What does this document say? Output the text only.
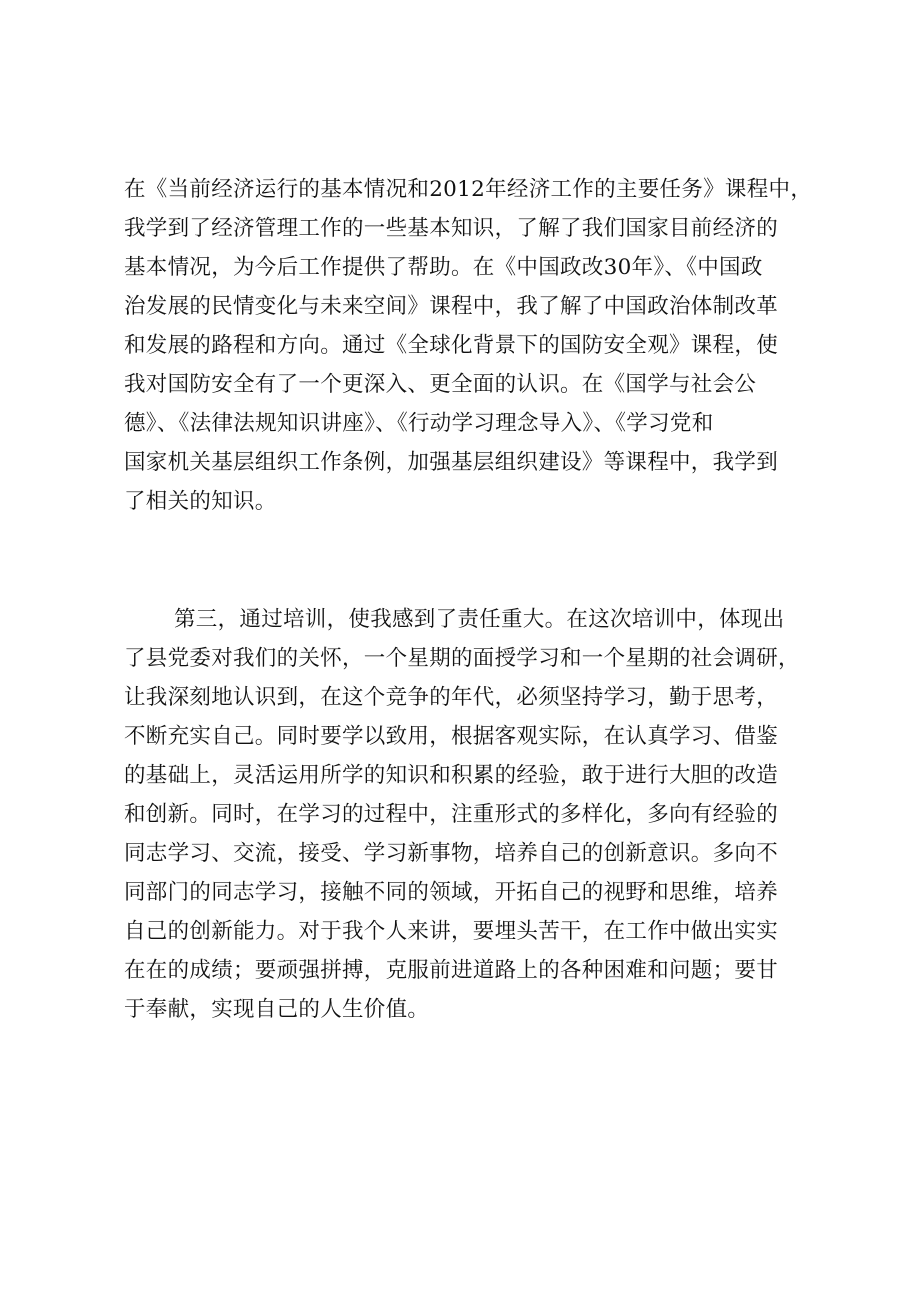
在《当前经济运行的基本情况和2012年经济工作的主要任务》课程中，
我学到了经济管理工作的一些基本知识，了解了我们国家目前经济的
基本情况，为今后工作提供了帮助。在《中国政改30年》、《中国政
治发展的民情变化与未来空间》课程中，我了解了中国政治体制改革
和发展的路程和方向。通过《全球化背景下的国防安全观》课程，使
我对国防安全有了一个更深入、更全面的认识。在《国学与社会公
德》、《法律法规知识讲座》、《行动学习理念导入》、《学习党和
国家机关基层组织工作条例，加强基层组织建设》等课程中，我学到
了相关的知识。
第三，通过培训，使我感到了责任重大。在这次培训中，体现出
了县党委对我们的关怀，一个星期的面授学习和一个星期的社会调研，
让我深刻地认识到，在这个竞争的年代，必须坚持学习，勤于思考，
不断充实自己。同时要学以致用，根据客观实际，在认真学习、借鉴
的基础上，灵活运用所学的知识和积累的经验，敢于进行大胆的改造
和创新。同时，在学习的过程中，注重形式的多样化，多向有经验的
同志学习、交流，接受、学习新事物，培养自己的创新意识。多向不
同部门的同志学习，接触不同的领域，开拓自己的视野和思维，培养
自己的创新能力。对于我个人来讲，要埋头苦干，在工作中做出实实
在在的成绩；要顽强拼搏，克服前进道路上的各种困难和问题；要甘
于奉献，实现自己的人生价值。
